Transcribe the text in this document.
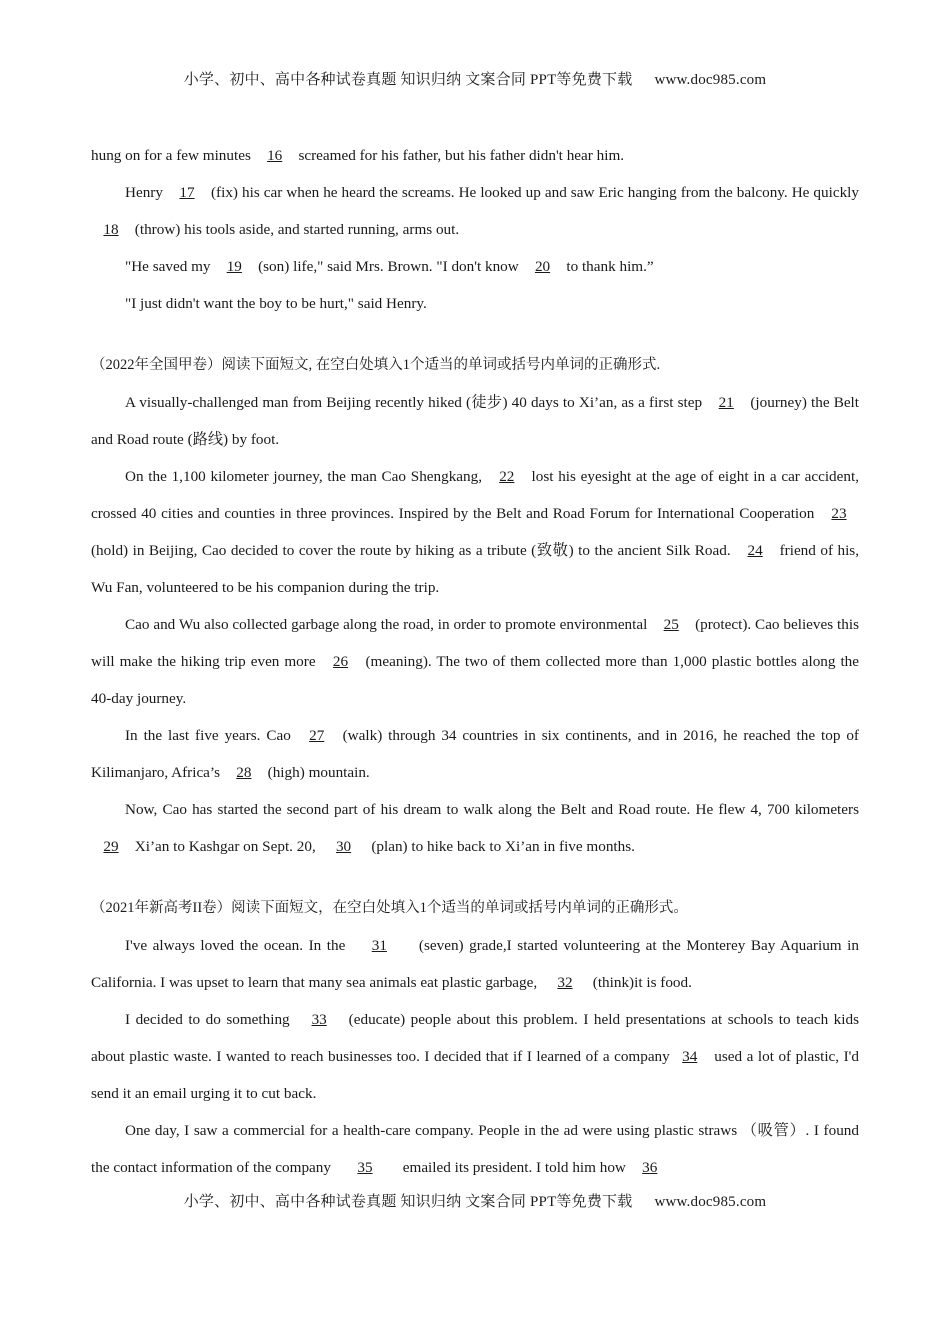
小学、初中、高中各种试卷真题 知识归纳 文案合同 PPT等免费下载 www.doc985.com

hung on for a few minutes 16 screamed for his father, but his father didn't hear him.

Henry 17 (fix) his car when he heard the screams. He looked up and saw Eric hanging from the balcony. He quickly 18 (throw) his tools aside, and started running, arms out.

"He saved my 19 (son) life," said Mrs. Brown. "I don't know 20 to thank him.”

"I just didn't want the boy to be hurt," said Henry.

（2022年全国甲卷）阅读下面短文, 在空白处填入1个适当的单词或括号内单词的正确形式.

A visually-challenged man from Beijing recently hiked (徒步) 40 days to Xi’an, as a first step 21 (journey) the Belt and Road route (路线) by foot.

On the 1,100 kilometer journey, the man Cao Shengkang, 22 lost his eyesight at the age of eight in a car accident, crossed 40 cities and counties in three provinces. Inspired by the Belt and Road Forum for International Cooperation 23 (hold) in Beijing, Cao decided to cover the route by hiking as a tribute (致敬) to the ancient Silk Road. 24 friend of his, Wu Fan, volunteered to be his companion during the trip.

Cao and Wu also collected garbage along the road, in order to promote environmental 25 (protect). Cao believes this will make the hiking trip even more 26 (meaning). The two of them collected more than 1,000 plastic bottles along the 40-day journey.

In the last five years. Cao 27 (walk) through 34 countries in six continents, and in 2016, he reached the top of Kilimanjaro, Africa’s 28 (high) mountain.

Now, Cao has started the second part of his dream to walk along the Belt and Road route. He flew 4, 700 kilometers 29 Xi’an to Kashgar on Sept. 20, 30 (plan) to hike back to Xi’an in five months.

（2021年新高考II卷）阅读下面短文，在空白处填入1个适当的单词或括号内单词的正确形式。

I've always loved the ocean. In the 31 (seven) grade,I started volunteering at the Monterey Bay Aquarium in California. I was upset to learn that many sea animals eat plastic garbage, 32 (think)it is food.

I decided to do something 33 (educate) people about this problem. I held presentations at schools to teach kids about plastic waste. I wanted to reach businesses too. I decided that if I learned of a company 34 used a lot of plastic, I'd send it an email urging it to cut back.

One day, I saw a commercial for a health-care company. People in the ad were using plastic straws （吸管）. I found the contact information of the company 35 emailed its president. I told him how 36

小学、初中、高中各种试卷真题 知识归纳 文案合同 PPT等免费下载 www.doc985.com
